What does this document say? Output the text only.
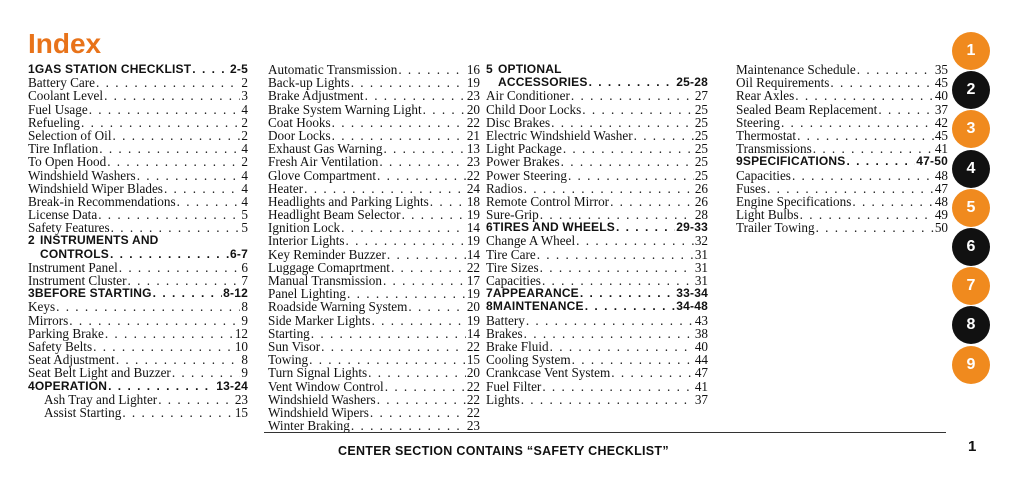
Index
1 GAS STATION CHECKLIST . . .	2-5
Battery Care . . .	2
Coolant Level . . .	3
Fuel Usage . . .	4
Refueling . . .	2
Selection of Oil . . .	2
Tire Inflation . . .	4
To Open Hood . . .	2
Windshield Washers . . .	4
Windshield Wiper Blades . . .	4
Break-in Recommendations . . .	4
License Data . . .	5
Safety Features . . .	5
2 INSTRUMENTS AND
CONTROLS . . .	6-7
Instrument Panel . . .	6
Instrument Cluster . . .	7
3 BEFORE STARTING . . .	8-12
Keys . . .	8
Mirrors . . .	9
Parking Brake . . .	12
Safety Belts . . .	10
Seat Adjustment . . .	8
Seat Belt Light and Buzzer . . .	9
4 OPERATION . . .	13-24
Ash Tray and Lighter . . .	23
Assist Starting . . .	15
Automatic Transmission . . .	16
Back-up Lights . . .	19
Brake Adjustment . . .	23
Brake System Warning Light . . .	20
Coat Hooks . . .	22
Door Locks . . .	21
Exhaust Gas Warning . . .	13
Fresh Air Ventilation . . .	23
Glove Compartment . . .	22
Heater . . .	24
Headlights and Parking Lights . . .	18
Headlight Beam Selector . . .	19
Ignition Lock . . .	14
Interior Lights . . .	19
Key Reminder Buzzer . . .	14
Luggage Comaprtment . . .	22
Manual Transmission . . .	17
Panel Lighting . . .	19
Roadside Warning System . . .	20
Side Marker Lights . . .	19
Starting . . .	14
Sun Visor . . .	22
Towing . . .	15
Turn Signal Lights . . .	20
Vent Window Control . . .	22
Windshield Washers . . .	22
Windshield Wipers . . .	22
Winter Braking . . .	23
5 OPTIONAL
ACCESSORIES . . .	25-28
Air Conditioner . . .	27
Child Door Locks . . .	25
Disc Brakes . . .	25
Electric Windshield Washer . . .	25
Light Package . . .	25
Power Brakes . . .	25
Power Steering . . .	25
Radios . . .	26
Remote Control Mirror . . .	26
Sure-Grip . . .	28
6 TIRES AND WHEELS . . .	29-33
Change A Wheel . . .	32
Tire Care . . .	31
Tire Sizes . . .	31
Capacities . . .	31
7 APPEARANCE . . .	33-34
8 MAINTENANCE . . .	34-48
Battery . . .	43
Brakes . . .	38
Brake Fluid . . .	40
Cooling System . . .	44
Crankcase Vent System . . .	47
Fuel Filter . . .	41
Lights . . .	37
Maintenance Schedule . . .	35
Oil Requirements . . .	45
Rear Axles . . .	40
Sealed Beam Replacement . . .	37
Steering . . .	42
Thermostat . . .	45
Transmissions . . .	41
9 SPECIFICATIONS . . .	47-50
Capacities . . .	48
Fuses . . .	47
Engine Specifications . . .	48
Light Bulbs . . .	49
Trailer Towing . . .	50
1
2
3
4
5
6
7
8
9
CENTER SECTION CONTAINS “SAFETY CHECKLIST”	1
